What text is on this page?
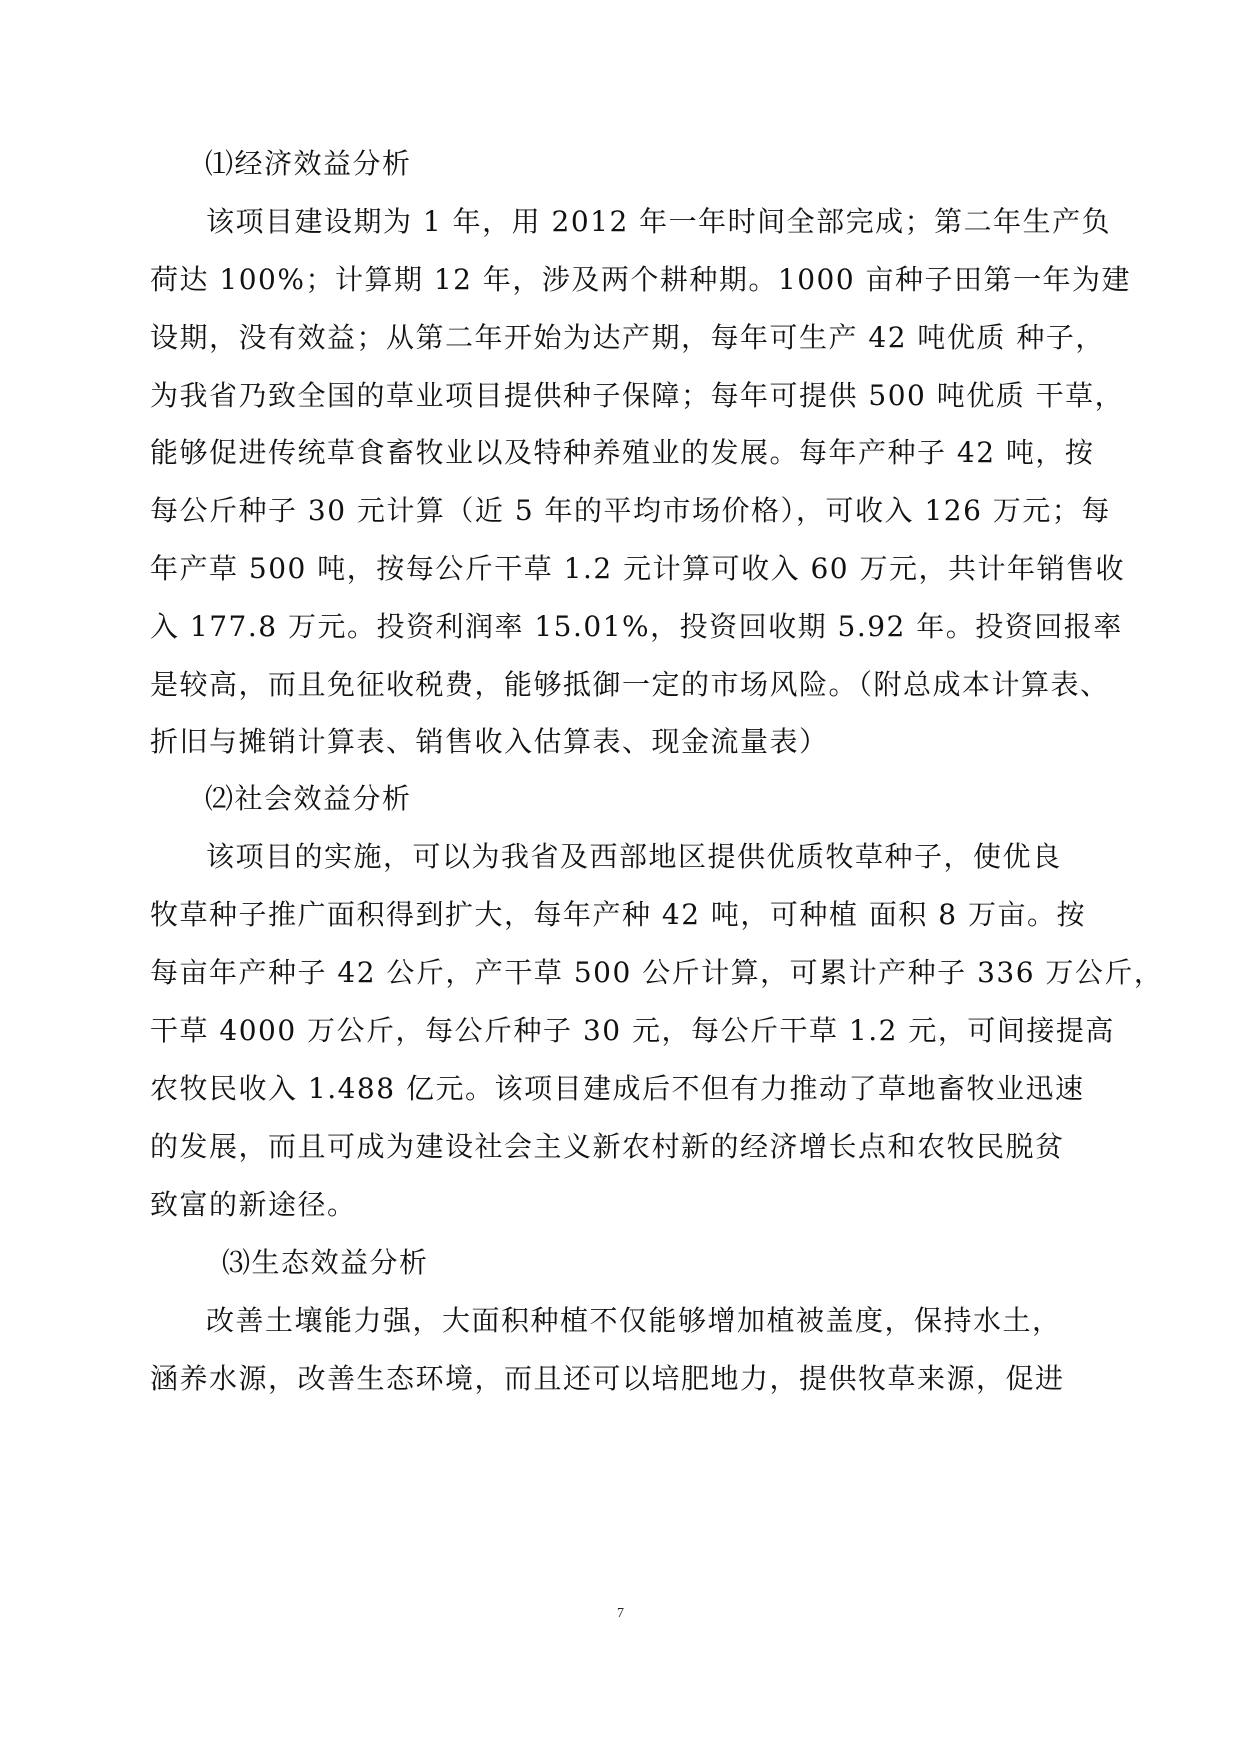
⑴经济效益分析
该项目建设期为 1 年，用 2012 年一年时间全部完成；第二年生产负
荷达 100%；计算期 12 年，涉及两个耕种期。1000 亩种子田第一年为建
设期，没有效益；从第二年开始为达产期，每年可生产 42 吨优质 种子，
为我省乃致全国的草业项目提供种子保障；每年可提供 500 吨优质 干草，
能够促进传统草食畜牧业以及特种养殖业的发展。每年产种子 42 吨，按
每公斤种子 30 元计算（近 5 年的平均市场价格），可收入 126 万元；每
年产草 500 吨，按每公斤干草 1.2 元计算可收入 60 万元，共计年销售收
入 177.8 万元。投资利润率 15.01%，投资回收期 5.92 年。投资回报率
是较高，而且免征收税费，能够抵御一定的市场风险。（附总成本计算表、
折旧与摊销计算表、销售收入估算表、现金流量表）
⑵社会效益分析
该项目的实施，可以为我省及西部地区提供优质牧草种子，使优良
牧草种子推广面积得到扩大，每年产种 42 吨，可种植 面积 8 万亩。按
每亩年产种子 42 公斤，产干草 500 公斤计算，可累计产种子 336 万公斤，
干草 4000 万公斤，每公斤种子 30 元，每公斤干草 1.2 元，可间接提高
农牧民收入 1.488 亿元。该项目建成后不但有力推动了草地畜牧业迅速
的发展，而且可成为建设社会主义新农村新的经济增长点和农牧民脱贫
致富的新途径。
⑶生态效益分析
改善土壤能力强，大面积种植不仅能够增加植被盖度，保持水土，
涵养水源，改善生态环境，而且还可以培肥地力，提供牧草来源，促进
7
